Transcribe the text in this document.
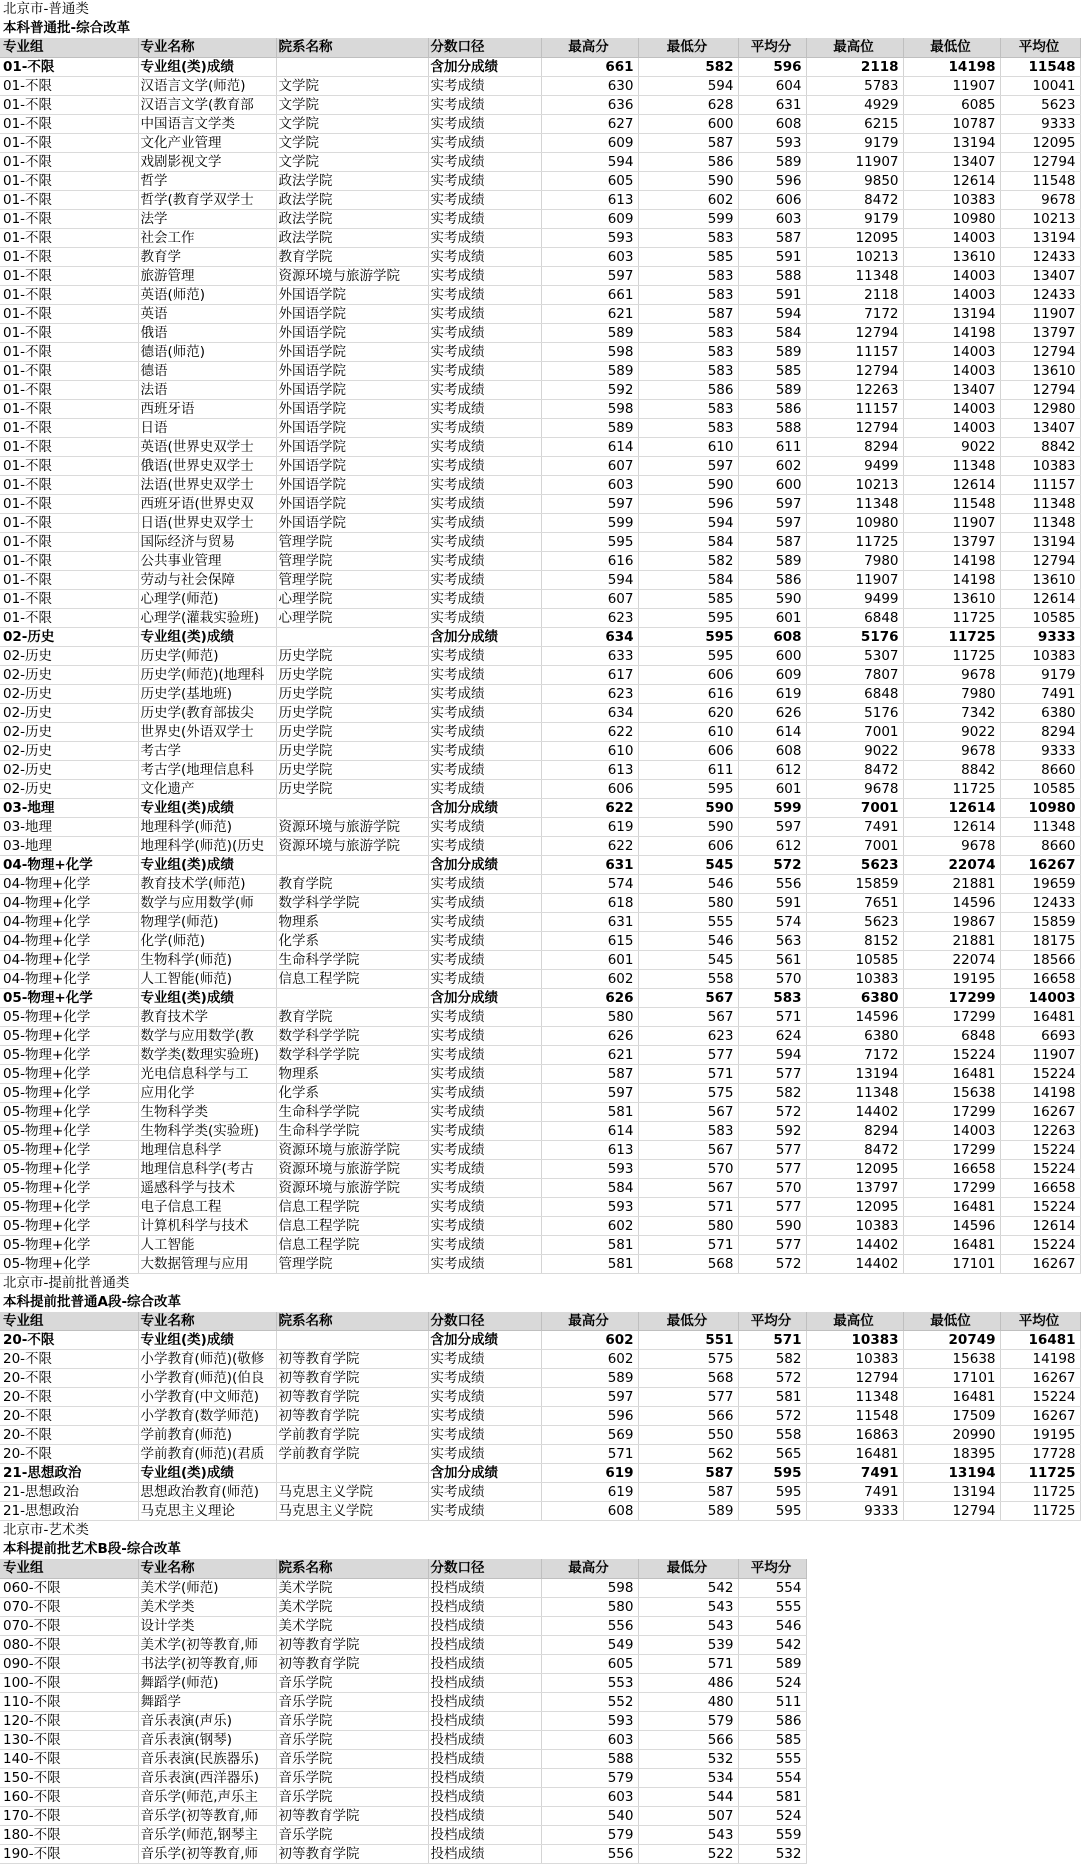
北京市-普通类
本科普通批-综合改革
专业组	专业名称	院系名称	分数口径	最高分	最低分	平均分	最高位	最低位	平均位
01-不限	专业组(类)成绩		含加分成绩	661	582	596	2118	14198	11548
01-不限	汉语言文学(师范)	文学院	实考成绩	630	594	604	5783	11907	10041
01-不限	汉语言文学(教育部	文学院	实考成绩	636	628	631	4929	6085	5623
01-不限	中国语言文学类	文学院	实考成绩	627	600	608	6215	10787	9333
01-不限	文化产业管理	文学院	实考成绩	609	587	593	9179	13194	12095
01-不限	戏剧影视文学	文学院	实考成绩	594	586	589	11907	13407	12794
01-不限	哲学	政法学院	实考成绩	605	590	596	9850	12614	11548
01-不限	哲学(教育学双学士	政法学院	实考成绩	613	602	606	8472	10383	9678
01-不限	法学	政法学院	实考成绩	609	599	603	9179	10980	10213
01-不限	社会工作	政法学院	实考成绩	593	583	587	12095	14003	13194
01-不限	教育学	教育学院	实考成绩	603	585	591	10213	13610	12433
01-不限	旅游管理	资源环境与旅游学院	实考成绩	597	583	588	11348	14003	13407
01-不限	英语(师范)	外国语学院	实考成绩	661	583	591	2118	14003	12433
01-不限	英语	外国语学院	实考成绩	621	587	594	7172	13194	11907
01-不限	俄语	外国语学院	实考成绩	589	583	584	12794	14198	13797
01-不限	德语(师范)	外国语学院	实考成绩	598	583	589	11157	14003	12794
01-不限	德语	外国语学院	实考成绩	589	583	585	12794	14003	13610
01-不限	法语	外国语学院	实考成绩	592	586	589	12263	13407	12794
01-不限	西班牙语	外国语学院	实考成绩	598	583	586	11157	14003	12980
01-不限	日语	外国语学院	实考成绩	589	583	588	12794	14003	13407
01-不限	英语(世界史双学士	外国语学院	实考成绩	614	610	611	8294	9022	8842
01-不限	俄语(世界史双学士	外国语学院	实考成绩	607	597	602	9499	11348	10383
01-不限	法语(世界史双学士	外国语学院	实考成绩	603	590	600	10213	12614	11157
01-不限	西班牙语(世界史双	外国语学院	实考成绩	597	596	597	11348	11548	11348
01-不限	日语(世界史双学士	外国语学院	实考成绩	599	594	597	10980	11907	11348
01-不限	国际经济与贸易	管理学院	实考成绩	595	584	587	11725	13797	13194
01-不限	公共事业管理	管理学院	实考成绩	616	582	589	7980	14198	12794
01-不限	劳动与社会保障	管理学院	实考成绩	594	584	586	11907	14198	13610
01-不限	心理学(师范)	心理学院	实考成绩	607	585	590	9499	13610	12614
01-不限	心理学(灌栽实验班)	心理学院	实考成绩	623	595	601	6848	11725	10585
02-历史	专业组(类)成绩		含加分成绩	634	595	608	5176	11725	9333
02-历史	历史学(师范)	历史学院	实考成绩	633	595	600	5307	11725	10383
02-历史	历史学(师范)(地理科	历史学院	实考成绩	617	606	609	7807	9678	9179
02-历史	历史学(基地班)	历史学院	实考成绩	623	616	619	6848	7980	7491
02-历史	历史学(教育部拔尖	历史学院	实考成绩	634	620	626	5176	7342	6380
02-历史	世界史(外语双学士	历史学院	实考成绩	622	610	614	7001	9022	8294
02-历史	考古学	历史学院	实考成绩	610	606	608	9022	9678	9333
02-历史	考古学(地理信息科	历史学院	实考成绩	613	611	612	8472	8842	8660
02-历史	文化遗产	历史学院	实考成绩	606	595	601	9678	11725	10585
03-地理	专业组(类)成绩		含加分成绩	622	590	599	7001	12614	10980
03-地理	地理科学(师范)	资源环境与旅游学院	实考成绩	619	590	597	7491	12614	11348
03-地理	地理科学(师范)(历史	资源环境与旅游学院	实考成绩	622	606	612	7001	9678	8660
04-物理+化学	专业组(类)成绩		含加分成绩	631	545	572	5623	22074	16267
04-物理+化学	教育技术学(师范)	教育学院	实考成绩	574	546	556	15859	21881	19659
04-物理+化学	数学与应用数学(师	数学科学学院	实考成绩	618	580	591	7651	14596	12433
04-物理+化学	物理学(师范)	物理系	实考成绩	631	555	574	5623	19867	15859
04-物理+化学	化学(师范)	化学系	实考成绩	615	546	563	8152	21881	18175
04-物理+化学	生物科学(师范)	生命科学学院	实考成绩	601	545	561	10585	22074	18566
04-物理+化学	人工智能(师范)	信息工程学院	实考成绩	602	558	570	10383	19195	16658
05-物理+化学	专业组(类)成绩		含加分成绩	626	567	583	6380	17299	14003
05-物理+化学	教育技术学	教育学院	实考成绩	580	567	571	14596	17299	16481
05-物理+化学	数学与应用数学(教	数学科学学院	实考成绩	626	623	624	6380	6848	6693
05-物理+化学	数学类(数理实验班)	数学科学学院	实考成绩	621	577	594	7172	15224	11907
05-物理+化学	光电信息科学与工	物理系	实考成绩	587	571	577	13194	16481	15224
05-物理+化学	应用化学	化学系	实考成绩	597	575	582	11348	15638	14198
05-物理+化学	生物科学类	生命科学学院	实考成绩	581	567	572	14402	17299	16267
05-物理+化学	生物科学类(实验班)	生命科学学院	实考成绩	614	583	592	8294	14003	12263
05-物理+化学	地理信息科学	资源环境与旅游学院	实考成绩	613	567	577	8472	17299	15224
05-物理+化学	地理信息科学(考古	资源环境与旅游学院	实考成绩	593	570	577	12095	16658	15224
05-物理+化学	遥感科学与技术	资源环境与旅游学院	实考成绩	584	567	570	13797	17299	16658
05-物理+化学	电子信息工程	信息工程学院	实考成绩	593	571	577	12095	16481	15224
05-物理+化学	计算机科学与技术	信息工程学院	实考成绩	602	580	590	10383	14596	12614
05-物理+化学	人工智能	信息工程学院	实考成绩	581	571	577	14402	16481	15224
05-物理+化学	大数据管理与应用	管理学院	实考成绩	581	568	572	14402	17101	16267
北京市-提前批普通类
本科提前批普通A段-综合改革
专业组	专业名称	院系名称	分数口径	最高分	最低分	平均分	最高位	最低位	平均位
20-不限	专业组(类)成绩		含加分成绩	602	551	571	10383	20749	16481
20-不限	小学教育(师范)(敬修	初等教育学院	实考成绩	602	575	582	10383	15638	14198
20-不限	小学教育(师范)(伯良	初等教育学院	实考成绩	589	568	572	12794	17101	16267
20-不限	小学教育(中文师范)	初等教育学院	实考成绩	597	577	581	11348	16481	15224
20-不限	小学教育(数学师范)	初等教育学院	实考成绩	596	566	572	11548	17509	16267
20-不限	学前教育(师范)	学前教育学院	实考成绩	569	550	558	16863	20990	19195
20-不限	学前教育(师范)(君质	学前教育学院	实考成绩	571	562	565	16481	18395	17728
21-思想政治	专业组(类)成绩		含加分成绩	619	587	595	7491	13194	11725
21-思想政治	思想政治教育(师范)	马克思主义学院	实考成绩	619	587	595	7491	13194	11725
21-思想政治	马克思主义理论	马克思主义学院	实考成绩	608	589	595	9333	12794	11725
北京市-艺术类
本科提前批艺术B段-综合改革
专业组	专业名称	院系名称	分数口径	最高分	最低分	平均分
060-不限	美术学(师范)	美术学院	投档成绩	598	542	554
070-不限	美术学类	美术学院	投档成绩	580	543	555
070-不限	设计学类	美术学院	投档成绩	556	543	546
080-不限	美术学(初等教育,师	初等教育学院	投档成绩	549	539	542
090-不限	书法学(初等教育,师	初等教育学院	投档成绩	605	571	589
100-不限	舞蹈学(师范)	音乐学院	投档成绩	553	486	524
110-不限	舞蹈学	音乐学院	投档成绩	552	480	511
120-不限	音乐表演(声乐)	音乐学院	投档成绩	593	579	586
130-不限	音乐表演(钢琴)	音乐学院	投档成绩	603	566	585
140-不限	音乐表演(民族器乐)	音乐学院	投档成绩	588	532	555
150-不限	音乐表演(西洋器乐)	音乐学院	投档成绩	579	534	554
160-不限	音乐学(师范,声乐主	音乐学院	投档成绩	603	544	581
170-不限	音乐学(初等教育,师	初等教育学院	投档成绩	540	507	524
180-不限	音乐学(师范,钢琴主	音乐学院	投档成绩	579	543	559
190-不限	音乐学(初等教育,师	初等教育学院	投档成绩	556	522	532
